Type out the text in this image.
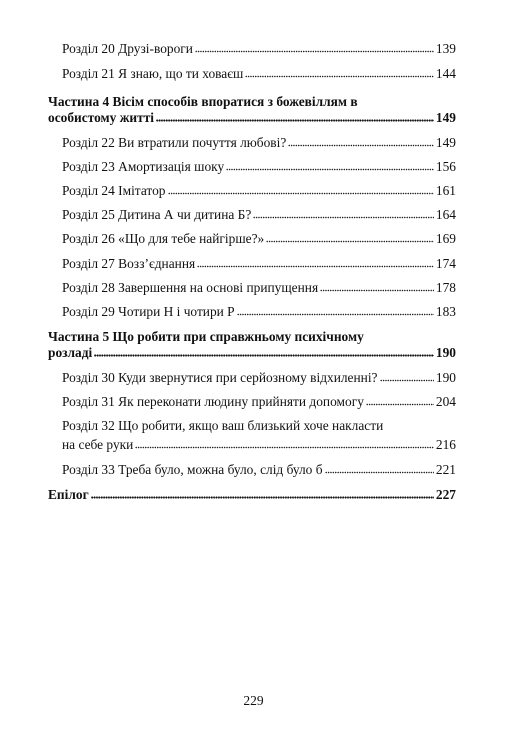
Розділ 20 Друзі-вороги	139
Розділ 21 Я знаю, що ти ховаєш	144
Частина 4 Вісім способів впоратися з божевіллям в
особистому житті	149
Розділ 22 Ви втратили почуття любові?	149
Розділ 23 Амортизація шоку	156
Розділ 24 Імітатор	161
Розділ 25 Дитина А чи дитина Б?	164
Розділ 26 «Що для тебе найгірше?»	169
Розділ 27 Возз’єднання	174
Розділ 28 Завершення на основі припущення	178
Розділ 29 Чотири Н і чотири Р	183
Частина 5 Що робити при справжньому психічному
розладі	190
Розділ 30 Куди звернутися при серйозному відхиленні?	190
Розділ 31 Як переконати людину прийняти допомогу	204
Розділ 32 Що робити, якщо ваш близький хоче накласти
на себе руки	216
Розділ 33 Треба було, можна було, слід було б	221
Епілог	227
229
